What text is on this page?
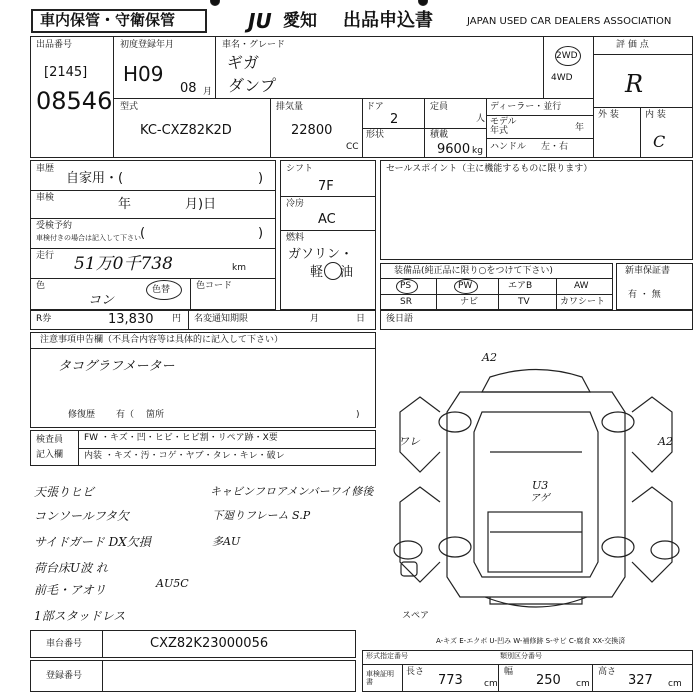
車内保管・守衛保管	JU 愛知 出品申込書	JAPAN USED CAR DEALERS ASSOCIATION
出品番号
[2145]
08546
初度登録年月
H09
08 月
車名・グレード
ギガ
ダンプ
2WD
4WD
評 価 点
R
外 装	内 装
C
型式
KC-CXZ82K2D
排気量
22800
CC
ドア
2
定員
人
形状	積載
9600 kg
ディーラー・並行
モデル年式	年
ハンドル 左・右
車歴
自家用・(	)
車検	年	月)日
受検予約
車検付きの場合は記入して下さい (	)
走行 51万0千738	km
色
コン
色替	色コード
シフト
7F
冷房
AC
燃料
ガソリン・
軽 油
セールスポイント（主に機能するものに限ります）
装備品(純正品に限り○をつけて下さい)
PS	PW	エアB	AW
SR	ナビ	TV	カワシート
新車保証書
有 ・ 無
R券	13,830 円 名変通知期限	月	日 後日語
注意事項申告欄（不具合内容等は具体的に記入して下さい）
タコグラフメーター
修復歴 有（ 箇所	)
検査員
記入欄
FW ・キズ・凹・ヒビ・ヒビ割・リペア跡・X要
内装 ・キズ・汚・コゲ・ヤブ・タレ・キレ・破レ
天張りヒビ	キャビンフロアメンバーワイ修後
コンソールフタ欠	下廻りフレーム S.P
サイドガード DX欠損	多AU
荷台床U波 れ
前毛・アオリ	AU5C
1部スタッドレス
A2
ワレ	A2
U3
アゲ
スペア
A-キズ E-エクボ U-凹み W-補修跡 S-サビ C-腐食 XX-交換済
車台番号	CXZ82K23000056
登録番号
形式指定番号	類別区分番号
車検証明書
長さ
773 cm
幅
250 cm
高さ
327 cm
